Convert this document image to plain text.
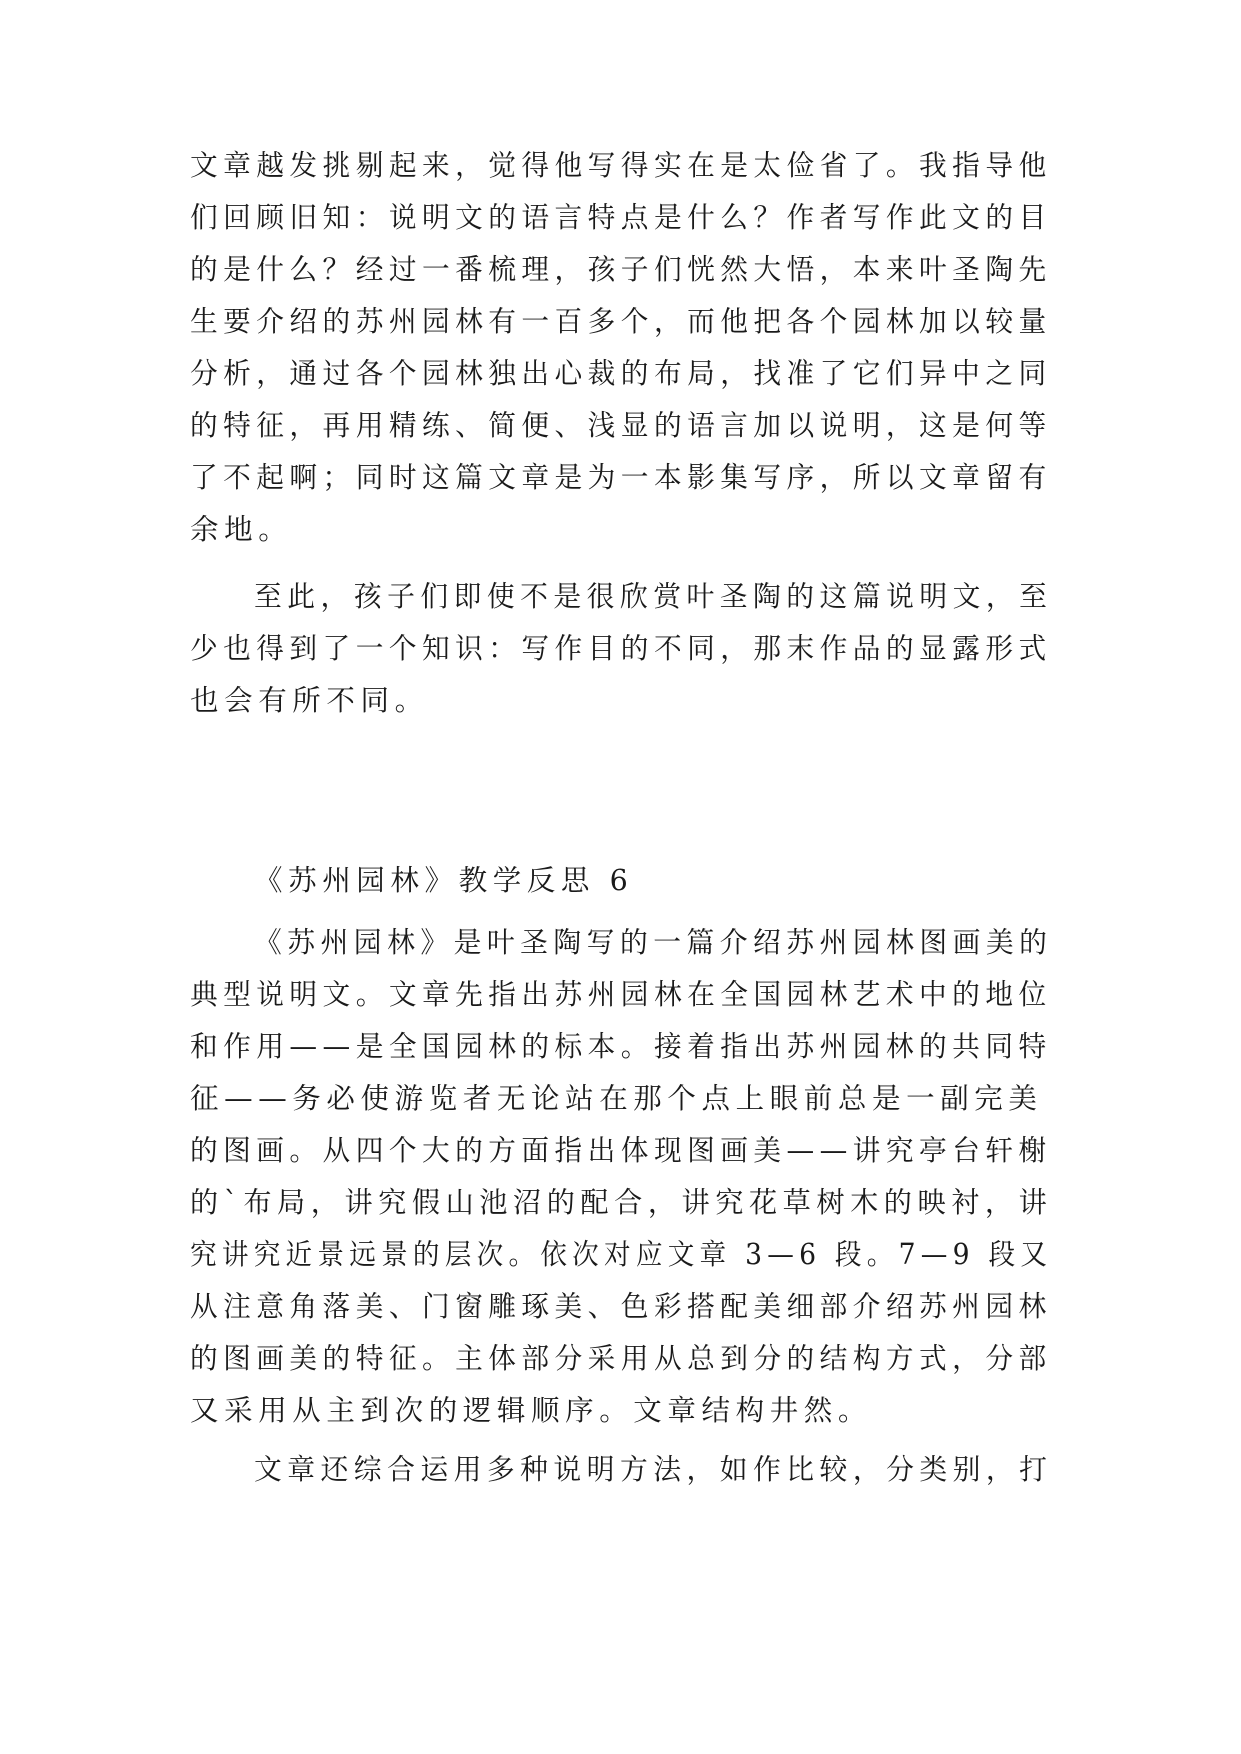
文章越发挑剔起来，觉得他写得实在是太俭省了。我指导他
们回顾旧知：说明文的语言特点是什么？作者写作此文的目
的是什么？经过一番梳理，孩子们恍然大悟，本来叶圣陶先
生要介绍的苏州园林有一百多个，而他把各个园林加以较量
分析，通过各个园林独出心裁的布局，找准了它们异中之同
的特征，再用精练、简便、浅显的语言加以说明，这是何等
了不起啊；同时这篇文章是为一本影集写序，所以文章留有
余地。
至此，孩子们即使不是很欣赏叶圣陶的这篇说明文，至
少也得到了一个知识：写作目的不同，那末作品的显露形式
也会有所不同。
《苏州园林》教学反思 6
《苏州园林》是叶圣陶写的一篇介绍苏州园林图画美的
典型说明文。文章先指出苏州园林在全国园林艺术中的地位
和作用——是全国园林的标本。接着指出苏州园林的共同特
征——务必使游览者无论站在那个点上眼前总是一副完美
的图画。从四个大的方面指出体现图画美——讲究亭台轩榭
的`布局，讲究假山池沼的配合，讲究花草树木的映衬，讲
究讲究近景远景的层次。依次对应文章 3—6 段。7—9 段又
从注意角落美、门窗雕琢美、色彩搭配美细部介绍苏州园林
的图画美的特征。主体部分采用从总到分的结构方式，分部
又采用从主到次的逻辑顺序。文章结构井然。
文章还综合运用多种说明方法，如作比较，分类别，打
